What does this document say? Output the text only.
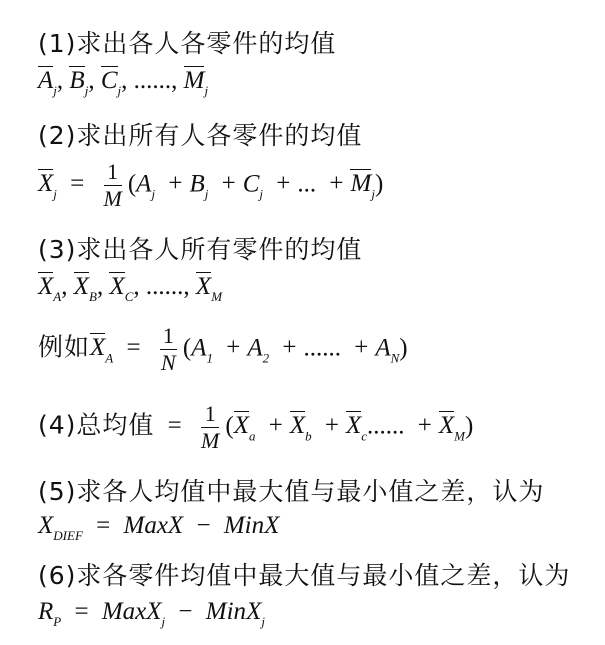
(1)求出各人各零件的均值
$A_j$, $B_j$, $C_j$, ......, $M_j$
(2)求出所有人各零件的均值
$X_j = \frac{1}{M} (A_j + B_j + C_j$ + ... + $M_j$)
(3)求出各人所有零件的均值
$X_A$, $X_B$, $X_C$, ......, $X_M$
例如$X_A = \frac{1}{N} (A_1 + A_2$ + ...... + $A_N$)
(4)总均值 = $\frac{1}{M} (X_a + X_b + X_c$...... + $X_M$)
(5)求各人均值中最大值与最小值之差，认为
$X_{DIEF}$ = MaxX − MinX
(6)求各零件均值中最大值与最小值之差，认为
$R_P$ = MaxX$_j$ − MinX$_j$
